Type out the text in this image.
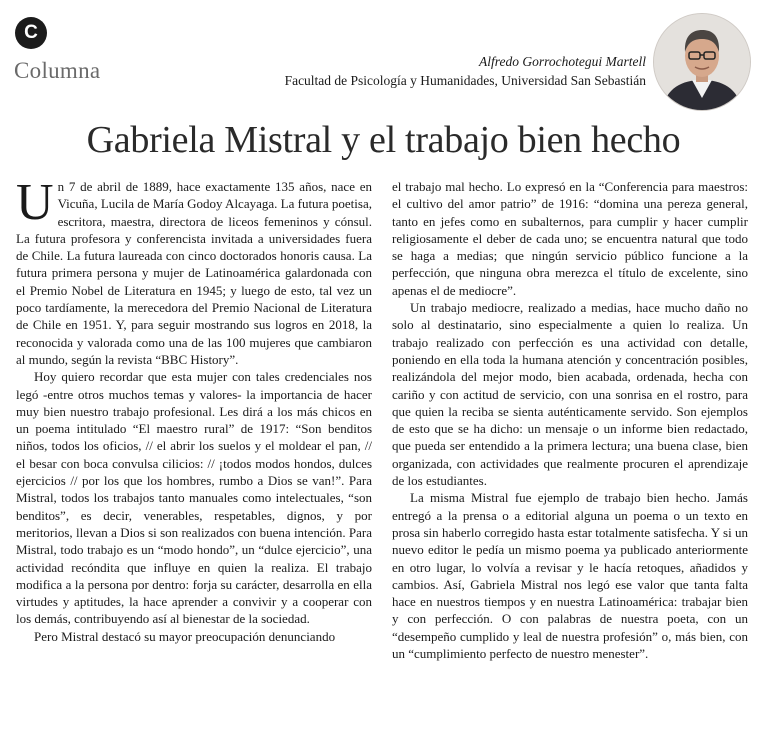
C
Columna	Alfredo Gorrochotegui Martell
Facultad de Psicología y Humanidades, Universidad San Sebastián
Gabriela Mistral y el trabajo bien hecho

Un 7 de abril de 1889, hace exactamente 135 años, nace en Vicuña, Lucila de María Godoy Alcayaga. La futura poetisa, escritora, maestra, directora de liceos femeninos y cónsul. La futura profesora y conferencista invitada a universidades fuera de Chile. La futura laureada con cinco doctorados honoris causa. La futura primera persona y mujer de Latinoamérica galardonada con el Premio Nobel de Literatura en 1945; y luego de esto, tal vez un poco tardíamente, la merecedora del Premio Nacional de Literatura de Chile en 1951. Y, para seguir mostrando sus logros en 2018, la reconocida y valorada como una de las 100 mujeres que cambiaron al mundo, según la revista “BBC History”.

Hoy quiero recordar que esta mujer con tales credenciales nos legó -entre otros muchos temas y valores- la importancia de hacer muy bien nuestro trabajo profesional. Les dirá a los más chicos en un poema intitulado “El maestro rural” de 1917: “Son benditos niños, todos los oficios, // el abrir los suelos y el moldear el pan, // el besar con boca convulsa cilicios: // ¡todos modos hondos, dulces ejercicios // por los que los hombres, rumbo a Dios se van!”. Para Mistral, todos los trabajos tanto manuales como intelectuales, “son benditos”, es decir, venerables, respetables, dignos, y por meritorios, llevan a Dios si son realizados con buena intención. Para Mistral, todo trabajo es un “modo hondo”, un “dulce ejercicio”, una actividad recóndita que influye en quien la realiza. El trabajo modifica a la persona por dentro: forja su carácter, desarrolla en ella virtudes y aptitudes, la hace aprender a convivir y a cooperar con los demás, contribuyendo así al bienestar de la sociedad.

Pero Mistral destacó su mayor preocupación denunciando

el trabajo mal hecho. Lo expresó en la “Conferencia para maestros: el cultivo del amor patrio” de 1916: “domina una pereza general, tanto en jefes como en subalternos, para cumplir y hacer cumplir religiosamente el deber de cada uno; se encuentra natural que todo se haga a medias; que ningún servicio público funcione a la perfección, que ninguna obra merezca el título de excelente, sino apenas el de mediocre”.

Un trabajo mediocre, realizado a medias, hace mucho daño no solo al destinatario, sino especialmente a quien lo realiza. Un trabajo realizado con perfección es una actividad con detalle, poniendo en ella toda la humana atención y concentración posibles, realizándola del mejor modo, bien acabada, ordenada, hecha con cariño y con actitud de servicio, con una sonrisa en el rostro, para que quien la reciba se sienta auténticamente servido. Son ejemplos de esto que se ha dicho: un mensaje o un informe bien redactado, que pueda ser entendido a la primera lectura; una buena clase, bien organizada, con actividades que realmente procuren el aprendizaje de los estudiantes.

La misma Mistral fue ejemplo de trabajo bien hecho. Jamás entregó a la prensa o a editorial alguna un poema o un texto en prosa sin haberlo corregido hasta estar totalmente satisfecha. Y si un nuevo editor le pedía un mismo poema ya publicado anteriormente en otro lugar, lo volvía a revisar y le hacía retoques, añadidos y cambios. Así, Gabriela Mistral nos legó ese valor que tanta falta hace en nuestros tiempos y en nuestra Latinoamérica: trabajar bien y con perfección. O con palabras de nuestra poeta, con un “desempeño cumplido y leal de nuestra profesión” o, más bien, con un “cumplimiento perfecto de nuestro menester”.
